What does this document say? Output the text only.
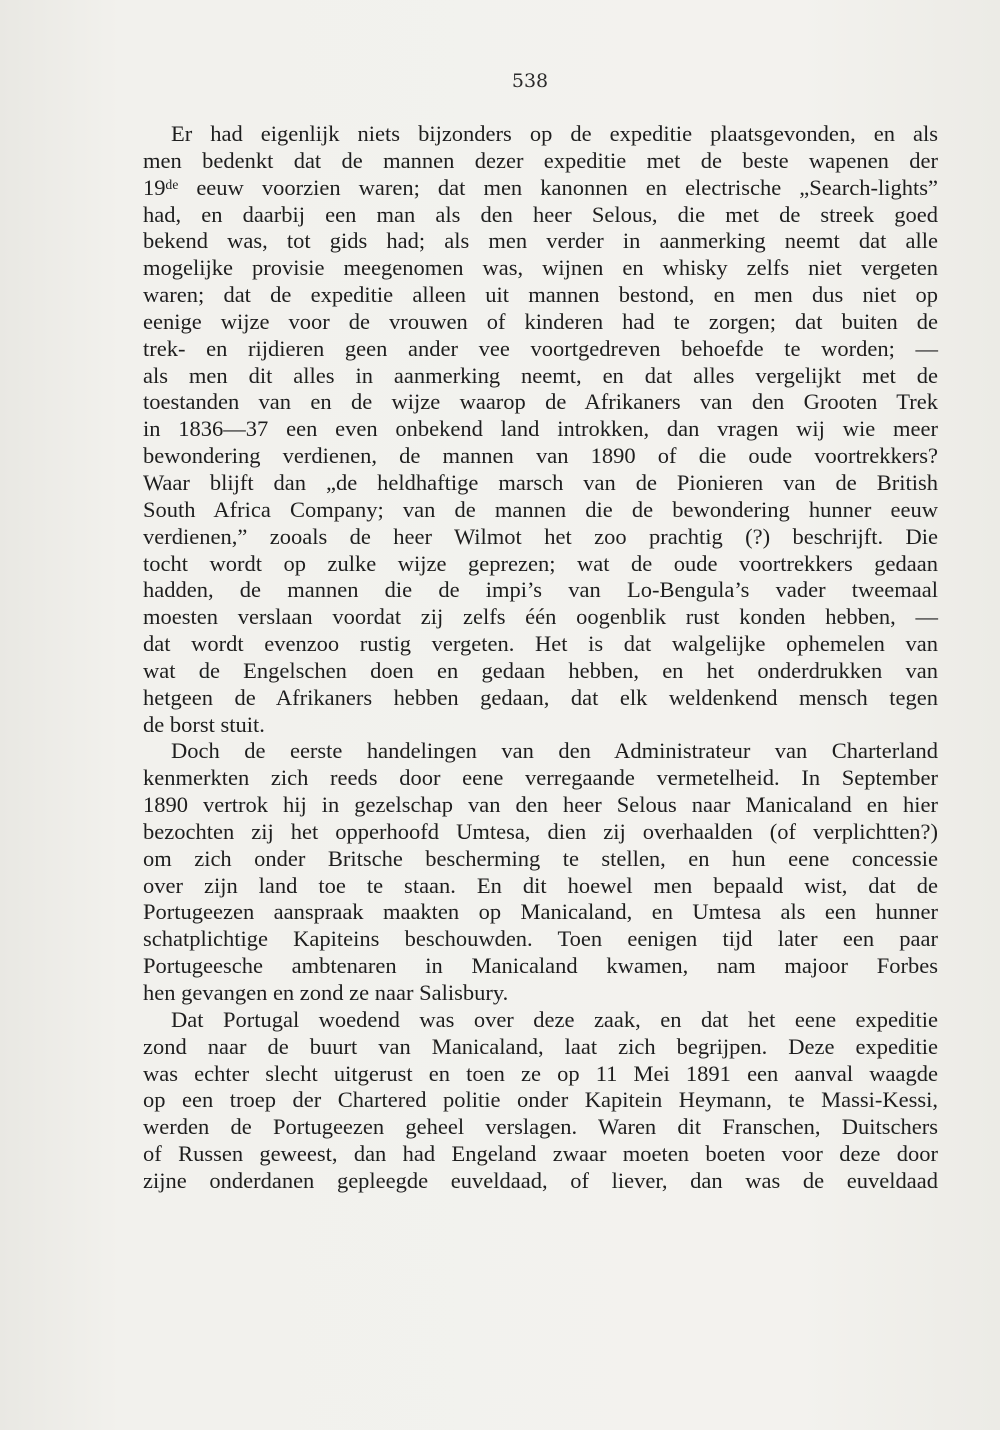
538
Er had eigenlijk niets bijzonders op de expeditie plaatsgevonden, en als
men bedenkt dat de mannen dezer expeditie met de beste wapenen der
19ᵈᵉ eeuw voorzien waren; dat men kanonnen en electrische „Search-lights”
had, en daarbij een man als den heer Selous, die met de streek goed
bekend was, tot gids had; als men verder in aanmerking neemt dat alle
mogelijke provisie meegenomen was, wijnen en whisky zelfs niet vergeten
waren; dat de expeditie alleen uit mannen bestond, en men dus niet op
eenige wijze voor de vrouwen of kinderen had te zorgen; dat buiten de
trek- en rijdieren geen ander vee voortgedreven behoefde te worden; —
als men dit alles in aanmerking neemt, en dat alles vergelijkt met de
toestanden van en de wijze waarop de Afrikaners van den Grooten Trek
in 1836—37 een even onbekend land introkken, dan vragen wij wie meer
bewondering verdienen, de mannen van 1890 of die oude voortrekkers?
Waar blijft dan „de heldhaftige marsch van de Pionieren van de British
South Africa Company; van de mannen die de bewondering hunner eeuw
verdienen,” zooals de heer Wilmot het zoo prachtig (?) beschrijft. Die
tocht wordt op zulke wijze geprezen; wat de oude voortrekkers gedaan
hadden, de mannen die de impi’s van Lo-Bengula’s vader tweemaal
moesten verslaan voordat zij zelfs één oogenblik rust konden hebben, —
dat wordt evenzoo rustig vergeten. Het is dat walgelijke ophemelen van
wat de Engelschen doen en gedaan hebben, en het onderdrukken van
hetgeen de Afrikaners hebben gedaan, dat elk weldenkend mensch tegen
de borst stuit.
Doch de eerste handelingen van den Administrateur van Charterland
kenmerkten zich reeds door eene verregaande vermetelheid. In September
1890 vertrok hij in gezelschap van den heer Selous naar Manicaland en hier
bezochten zij het opperhoofd Umtesa, dien zij overhaalden (of verplichtten?)
om zich onder Britsche bescherming te stellen, en hun eene concessie
over zijn land toe te staan. En dit hoewel men bepaald wist, dat de
Portugeezen aanspraak maakten op Manicaland, en Umtesa als een hunner
schatplichtige Kapiteins beschouwden. Toen eenigen tijd later een paar
Portugeesche ambtenaren in Manicaland kwamen, nam majoor Forbes
hen gevangen en zond ze naar Salisbury.
Dat Portugal woedend was over deze zaak, en dat het eene expeditie
zond naar de buurt van Manicaland, laat zich begrijpen. Deze expeditie
was echter slecht uitgerust en toen ze op 11 Mei 1891 een aanval waagde
op een troep der Chartered politie onder Kapitein Heymann, te Massi-Kessi,
werden de Portugeezen geheel verslagen. Waren dit Franschen, Duitschers
of Russen geweest, dan had Engeland zwaar moeten boeten voor deze door
zijne onderdanen gepleegde euveldaad, of liever, dan was de euveldaad
